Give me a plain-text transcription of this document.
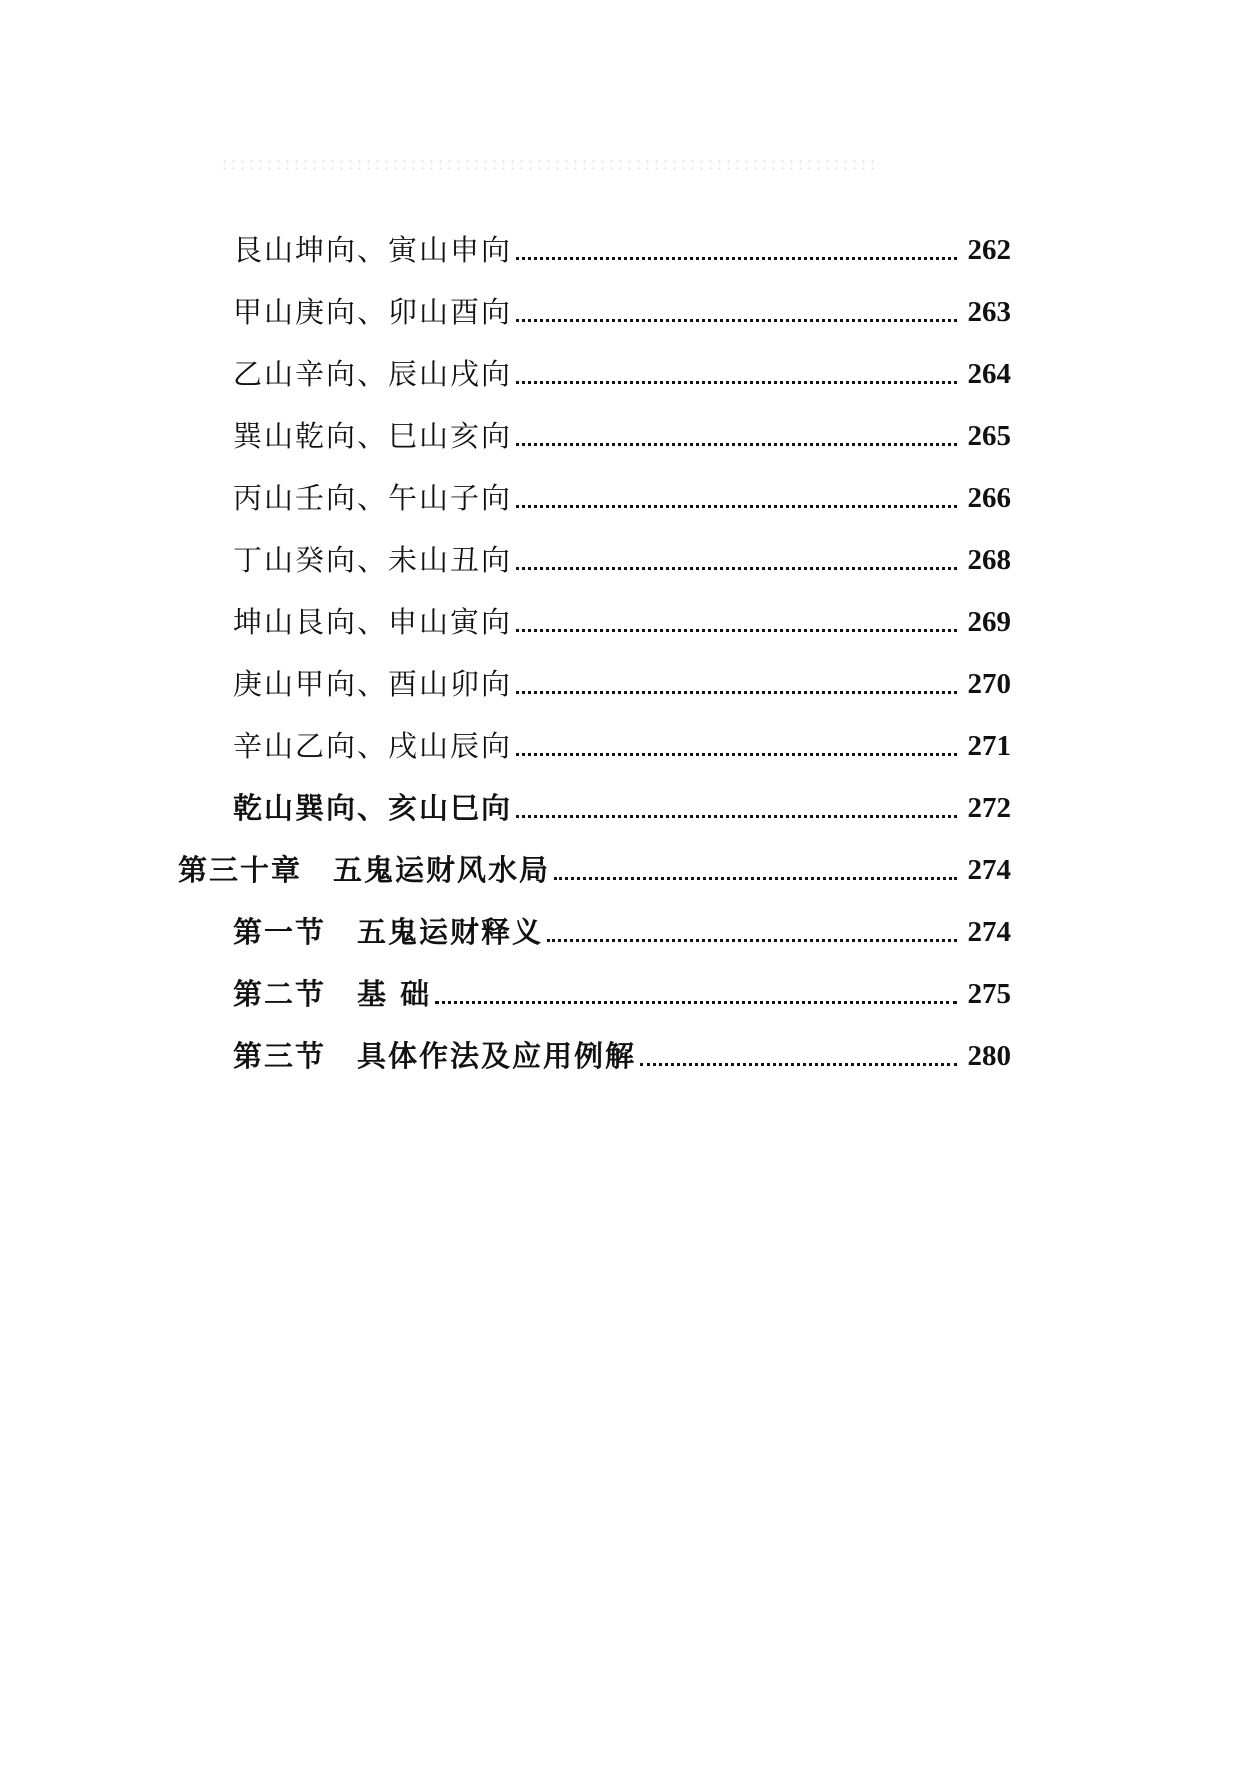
艮山坤向、寅山申向	262
甲山庚向、卯山酉向	263
乙山辛向、辰山戌向	264
巽山乾向、巳山亥向	265
丙山壬向、午山子向	266
丁山癸向、未山丑向	268
坤山艮向、申山寅向	269
庚山甲向、酉山卯向	270
辛山乙向、戌山辰向	271
乾山巽向、亥山巳向	272
第三十章　五鬼运财风水局	274
第一节　五鬼运财释义	274
第二节　基 础	275
第三节　具体作法及应用例解	280
